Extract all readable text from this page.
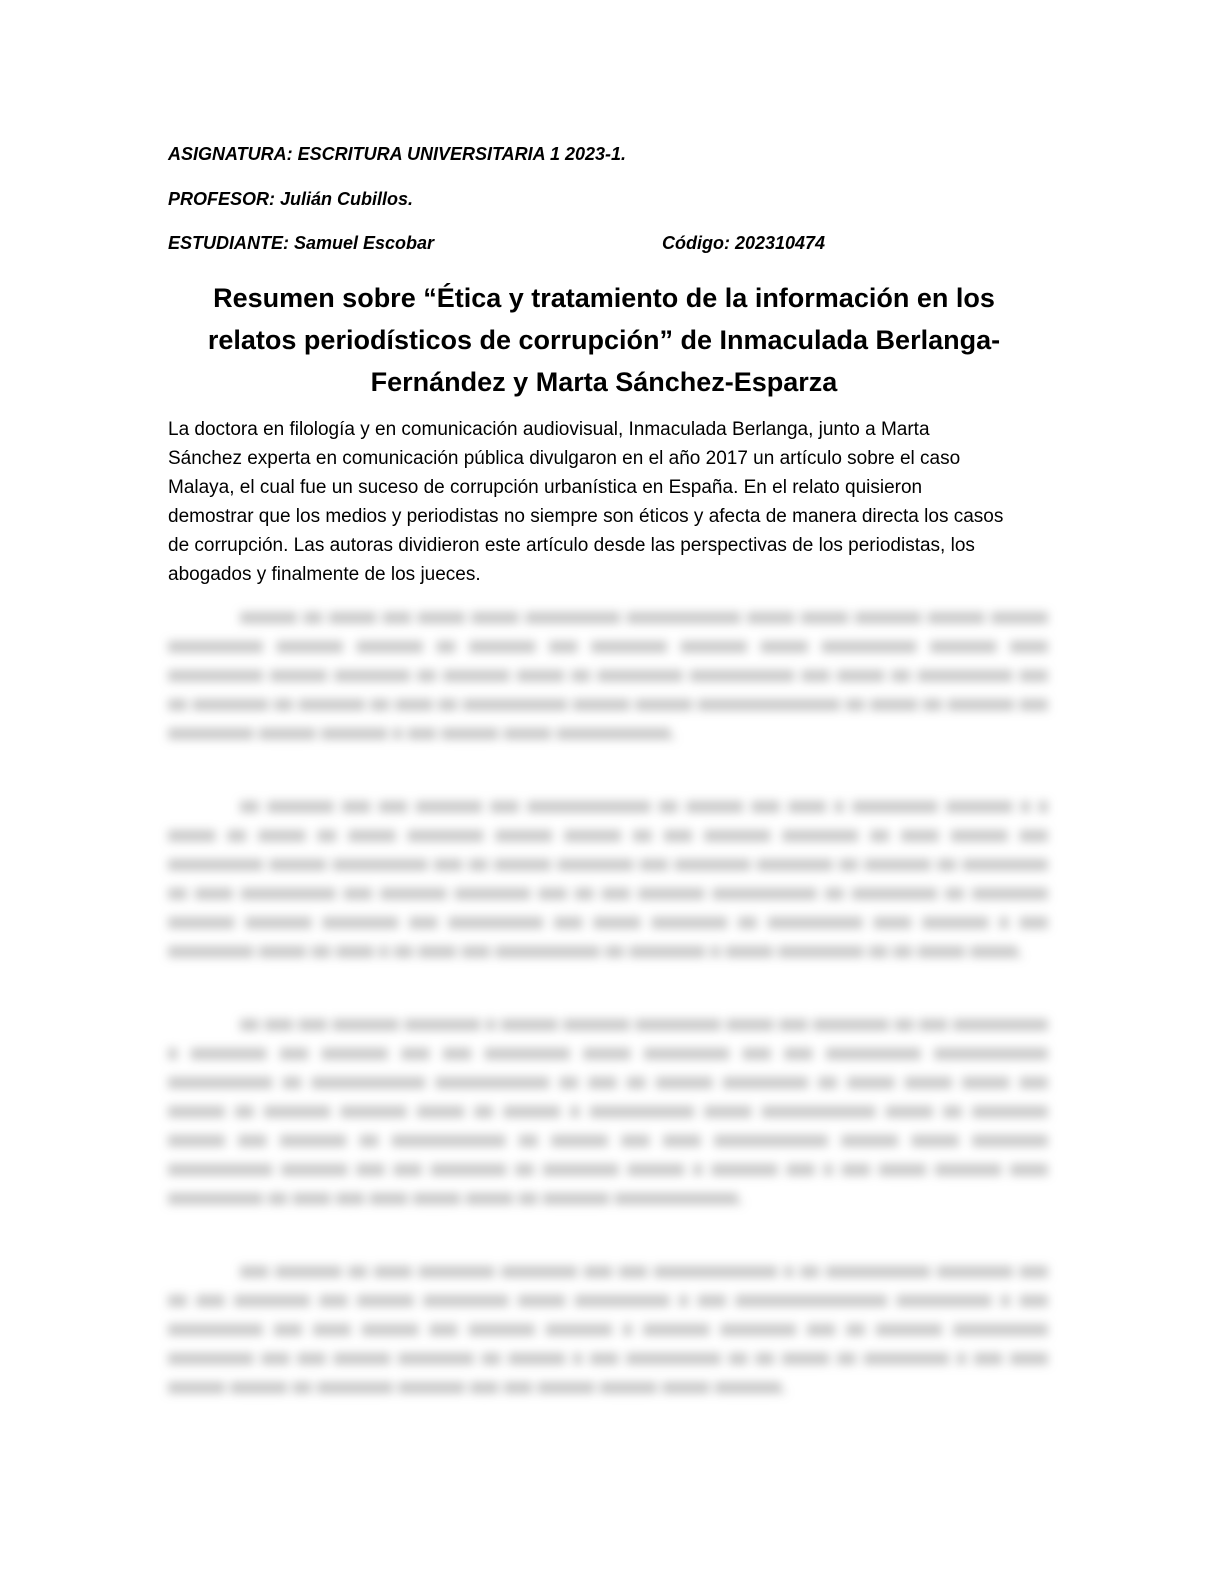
ASIGNATURA: ESCRITURA UNIVERSITARIA 1 2023-1.
PROFESOR: Julián Cubillos.
ESTUDIANTE: Samuel Escobar	Código: 202310474
Resumen sobre “Ética y tratamiento de la información en los relatos periodísticos de corrupción” de Inmaculada Berlanga-Fernández y Marta Sánchez-Esparza
La doctora en filología y en comunicación audiovisual, Inmaculada Berlanga, junto a Marta
Sánchez experta en comunicación pública divulgaron en el año 2017 un artículo sobre el caso
Malaya, el cual fue un suceso de corrupción urbanística en España. En el relato quisieron
demostrar que los medios y periodistas no siempre son éticos y afecta de manera directa los casos
de corrupción. Las autoras dividieron este artículo desde las perspectivas de los periodistas, los
abogados y finalmente de los jueces.

xxxxxx xx xxxxx xxx xxxxx xxxxx xxxxxxxxxx xxxxxxxxxxxx xxxxx xxxxx xxxxxxx xxxxxx xxxxxx xxxxxxxxxx xxxxxxx xxxxxxx xx xxxxxxx xxx xxxxxxxx xxxxxxx xxxxx xxxxxxxxxx xxxxxxx xxxx xxxxxxxxxx xxxxxx xxxxxxxx xx xxxxxxx xxxxx xx xxxxxxxxx xxxxxxxxxxx xxx xxxxx xx xxxxxxxxxx xxx xx xxxxxxxx xx xxxxxxx xx xxxx xx xxxxxxxxxxx xxxxxx xxxxxx xxxxxxxxxxxxxxx xx xxxxx xx xxxxxxx xxx xxxxxxxxx xxxxxx xxxxxxx x xxx xxxxxx xxxxx xxxxxxxxxxxx.

xx xxxxxxx xxx xxx xxxxxxx xxx xxxxxxxxxxxxx xx xxxxxx xxx xxxx x xxxxxxxxx xxxxxxx x x xxxxx xx xxxxx xx xxxxx xxxxxxxx xxxxxx xxxxxx xx xxx xxxxxxx xxxxxxxx xx xxxx xxxxxx xxx xxxxxxxxxx xxxxxx xxxxxxxxxx xxx xx xxxxxx xxxxxxxx xxx xxxxxxxx xxxxxxxx xx xxxxxxx xx xxxxxxxxx xx xxxx xxxxxxxxxx xxx xxxxxxx xxxxxxxx xxx xx xxx xxxxxxx xxxxxxxxxxx xx xxxxxxxxx xx xxxxxxxx xxxxxxx xxxxxxx xxxxxxxx xxx xxxxxxxxxx xxx xxxxx xxxxxxxx xx xxxxxxxxxx xxxx xxxxxxx x xxx xxxxxxxxx xxxxx xx xxxx x xx xxxx xxx xxxxxxxxxxx xx xxxxxxxx x xxxxx xxxxxxxxx xx xx xxxxx xxxxx.

xx xxx xxx xxxxxxx xxxxxxxx x xxxxxx xxxxxxx xxxxxxxxx xxxxx xxx xxxxxxxx xx xxx xxxxxxxxxx x xxxxxxxx xxx xxxxxxx xxx xxx xxxxxxxxx xxxxx xxxxxxxxx xxx xxx xxxxxxxxxx xxxxxxxxxxxx xxxxxxxxxxx xx xxxxxxxxxxxx xxxxxxxxxxxx xx xxx xx xxxxxx xxxxxxxxx xx xxxxx xxxxx xxxxx xxx xxxxxx xx xxxxxxx xxxxxxx xxxxx xx xxxxxx x xxxxxxxxxxx xxxxx xxxxxxxxxxxx xxxxx xx xxxxxxxx xxxxxx xxx xxxxxxx xx xxxxxxxxxxxx xx xxxxxx xxx xxxx xxxxxxxxxxxx xxxxxx xxxxx xxxxxxxx xxxxxxxxxxx xxxxxxx xxx xxx xxxxxxxx xx xxxxxxxx xxxxxx x xxxxxxx xxx x xxx xxxxx xxxxxxx xxxx xxxxxxxxxx xx xxxx xxx xxxx xxxxx xxxxx xx xxxxxxx xxxxxxxxxxxxx.

xxx xxxxxxx xx xxxx xxxxxxxx xxxxxxxx xxx xxx xxxxxxxxxxxxx x xx xxxxxxxxxxx xxxxxxxx xxx xx xxx xxxxxxxx xxx xxxxxx xxxxxxxxx xxxxx xxxxxxxxxx x xxx xxxxxxxxxxxxxxxx xxxxxxxxxx x xxx xxxxxxxxxx xxx xxxx xxxxxx xxx xxxxxxx xxxxxxx x xxxxxxx xxxxxxxx xxx xx xxxxxxx xxxxxxxxxx xxxxxxxxx xxx xxx xxxxxx xxxxxxxx xx xxxxxx x xxx xxxxxxxxxx xx xx xxxxx xx xxxxxxxxx x xxx xxxx xxxxxx xxxxxx xx xxxxxxxx xxxxxxx xxx xxx xxxxxx xxxxxx xxxxx xxxxxxx.
